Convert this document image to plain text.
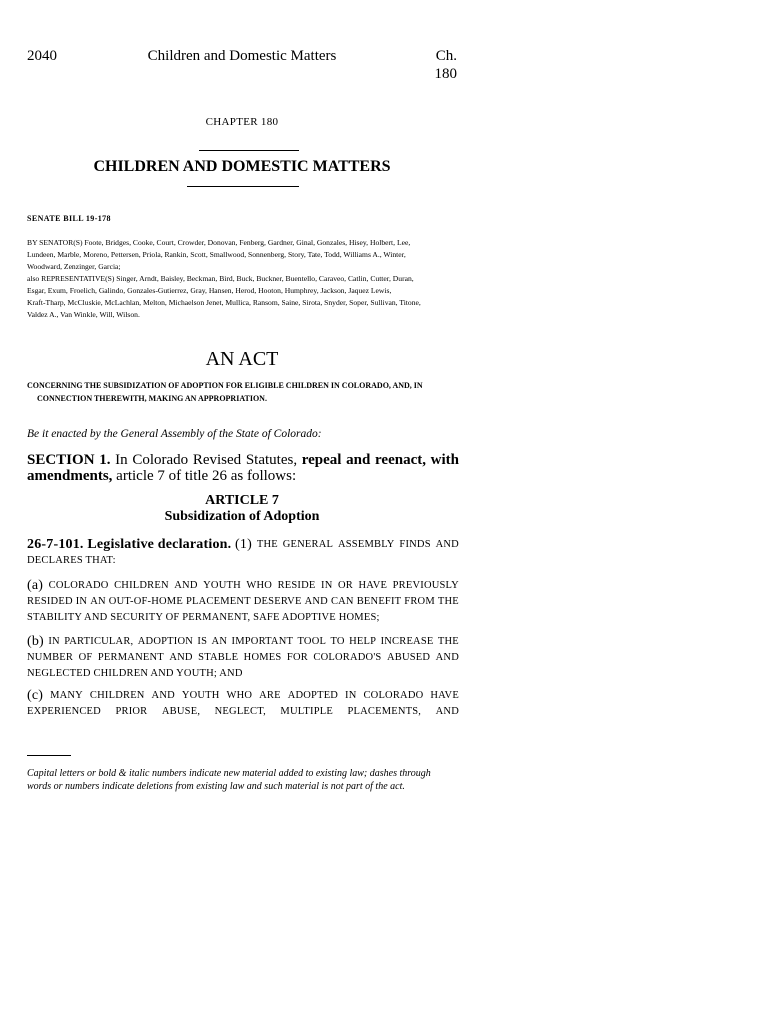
2040	Children and Domestic Matters	Ch. 180
CHAPTER 180
CHILDREN AND DOMESTIC MATTERS
SENATE BILL 19-178
BY SENATOR(S) Foote, Bridges, Cooke, Court, Crowder, Donovan, Fenberg, Gardner, Ginal, Gonzales, Hisey, Holbert, Lee,
Lundeen, Marble, Moreno, Pettersen, Priola, Rankin, Scott, Smallwood, Sonnenberg, Story, Tate, Todd, Williams A., Winter,
Woodward, Zenzinger, Garcia;
also REPRESENTATIVE(S) Singer, Arndt, Baisley, Beckman, Bird, Buck, Buckner, Buentello, Caraveo, Catlin, Cutter, Duran,
Esgar, Exum, Froelich, Galindo, Gonzales-Gutierrez, Gray, Hansen, Herod, Hooton, Humphrey, Jackson, Jaquez Lewis,
Kraft-Tharp, McCluskie, McLachlan, Melton, Michaelson Jenet, Mullica, Ransom, Saine, Sirota, Snyder, Soper, Sullivan, Titone,
Valdez A., Van Winkle, Will, Wilson.
AN ACT
CONCERNING THE SUBSIDIZATION OF ADOPTION FOR ELIGIBLE CHILDREN IN COLORADO, AND, IN
CONNECTION THEREWITH, MAKING AN APPROPRIATION.
Be it enacted by the General Assembly of the State of Colorado:
SECTION 1. In Colorado Revised Statutes, repeal and reenact, with
amendments, article 7 of title 26 as follows:
ARTICLE 7
Subsidization of Adoption
26-7-101. Legislative declaration. (1) THE GENERAL ASSEMBLY FINDS AND
DECLARES THAT:
(a) COLORADO CHILDREN AND YOUTH WHO RESIDE IN OR HAVE PREVIOUSLY
RESIDED IN AN OUT-OF-HOME PLACEMENT DESERVE AND CAN BENEFIT FROM THE
STABILITY AND SECURITY OF PERMANENT, SAFE ADOPTIVE HOMES;
(b) IN PARTICULAR, ADOPTION IS AN IMPORTANT TOOL TO HELP INCREASE THE
NUMBER OF PERMANENT AND STABLE HOMES FOR COLORADO'S ABUSED AND
NEGLECTED CHILDREN AND YOUTH; AND
(c) MANY CHILDREN AND YOUTH WHO ARE ADOPTED IN COLORADO HAVE
EXPERIENCED PRIOR ABUSE, NEGLECT, MULTIPLE PLACEMENTS, AND
Capital letters or bold & italic numbers indicate new material added to existing law; dashes through
words or numbers indicate deletions from existing law and such material is not part of the act.
